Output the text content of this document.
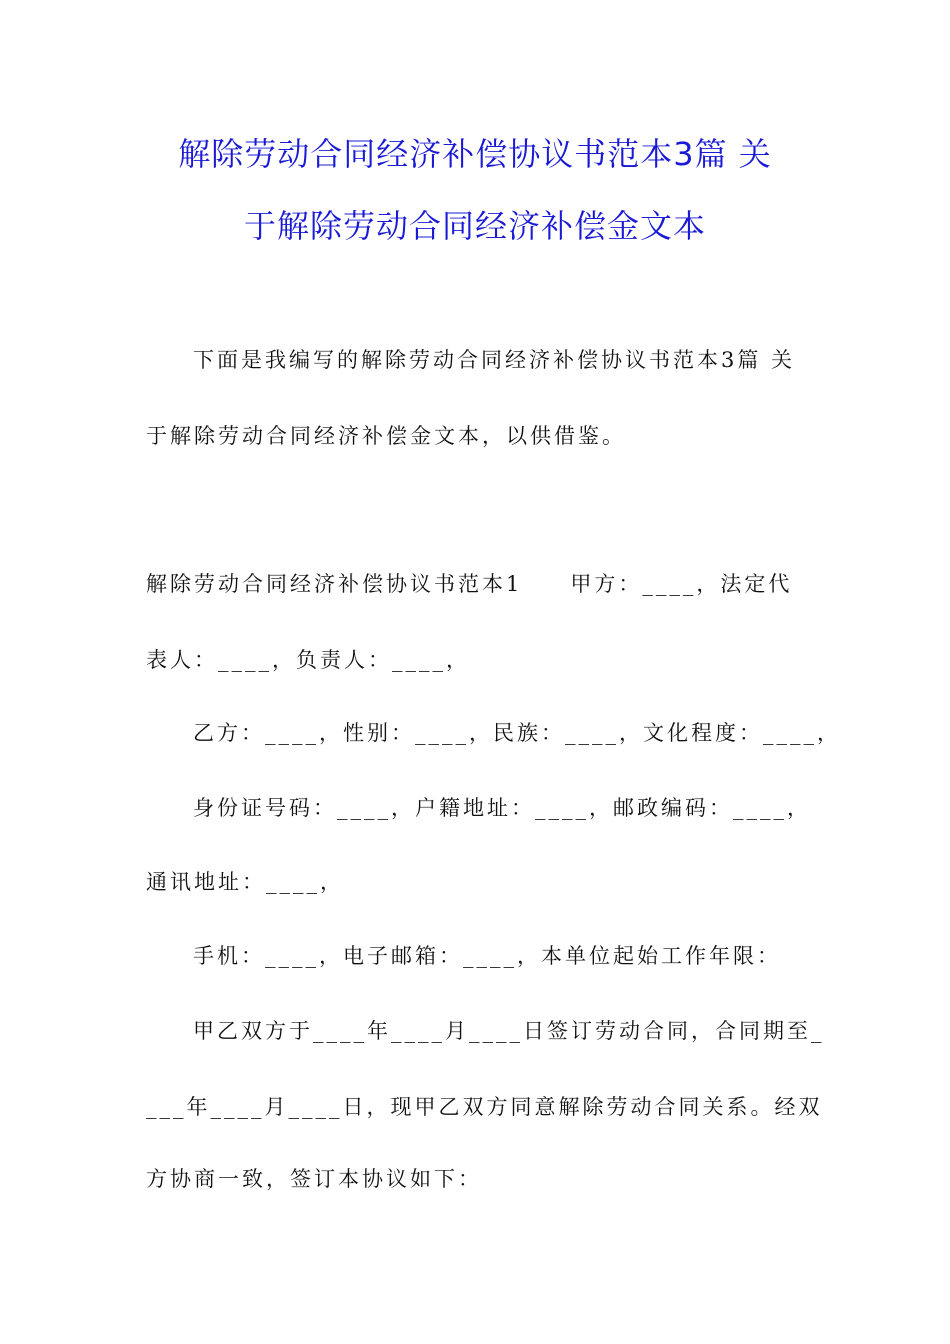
解除劳动合同经济补偿协议书范本3篇 关
于解除劳动合同经济补偿金文本
下面是我编写的解除劳动合同经济补偿协议书范本3篇 关
于解除劳动合同经济补偿金文本，以供借鉴。
解除劳动合同经济补偿协议书范本1 甲方：____，法定代
表人：____，负责人：____，
乙方：____，性别：____，民族：____，文化程度：____，
身份证号码：____，户籍地址：____，邮政编码：____，
通讯地址：____，
手机：____，电子邮箱：____，本单位起始工作年限：
甲乙双方于____年____月____日签订劳动合同，合同期至_
___年____月____日，现甲乙双方同意解除劳动合同关系。经双
方协商一致，签订本协议如下：
